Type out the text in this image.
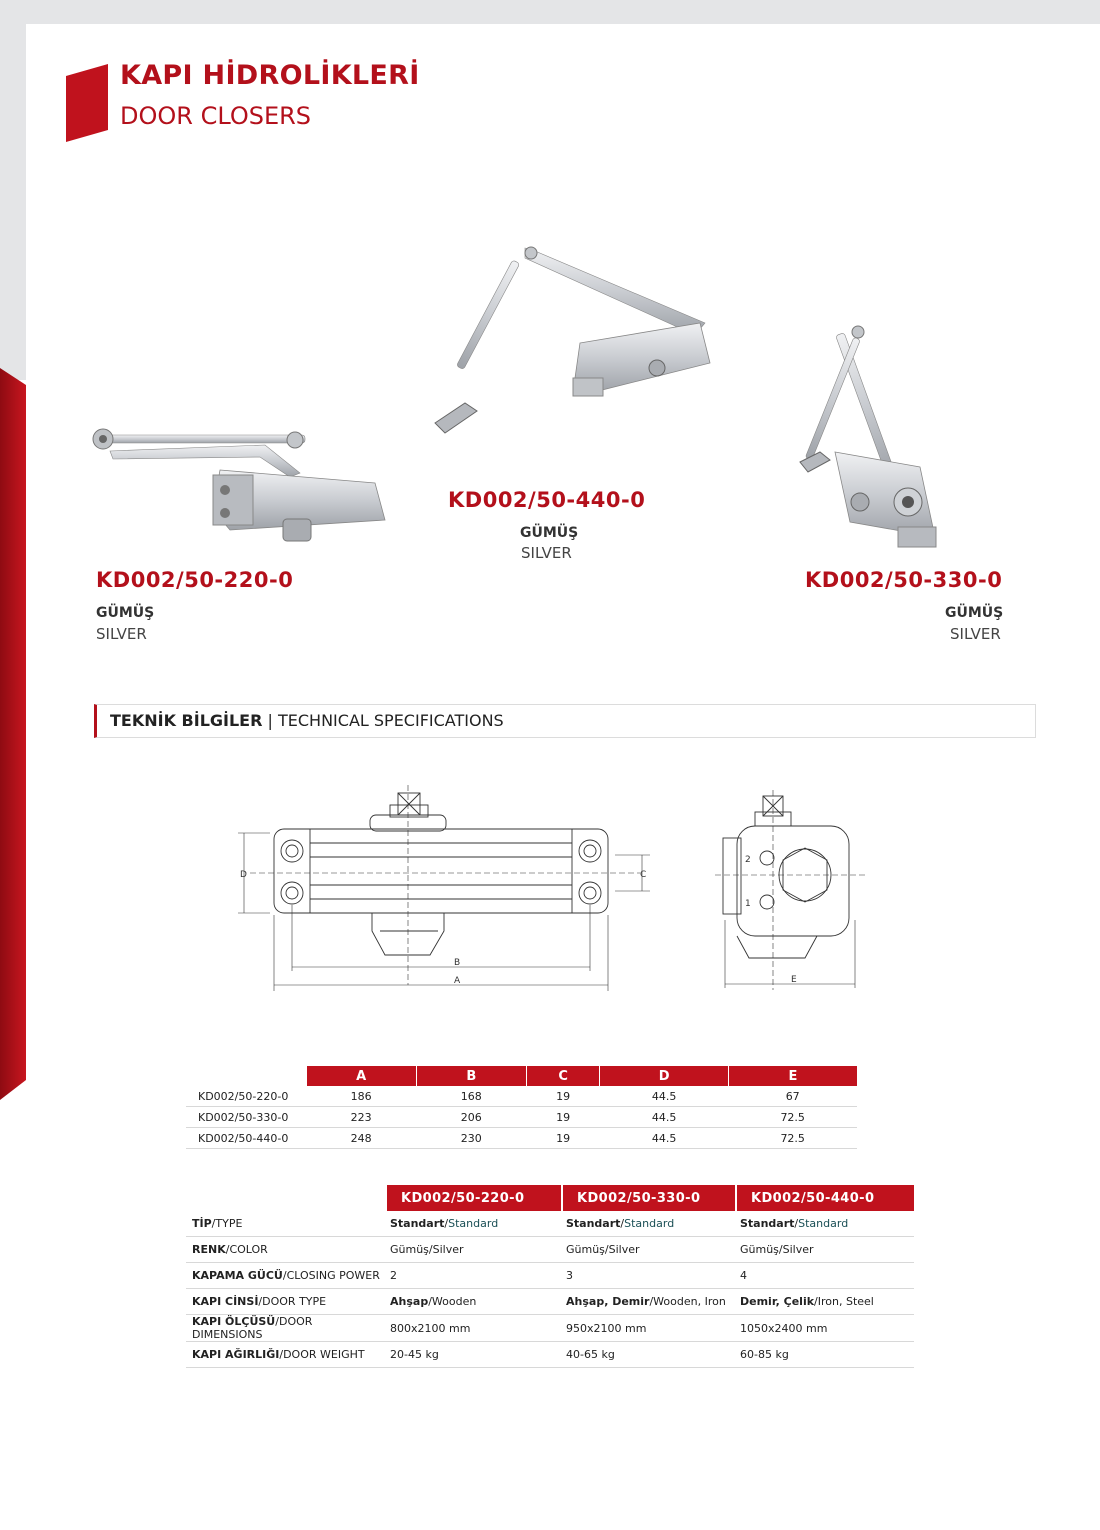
KAPI HİDROLİKLERİ
DOOR CLOSERS
KD002/50-220-0
GÜMÜŞ
SILVER
KD002/50-440-0
GÜMÜŞ
SILVER
KD002/50-330-0
GÜMÜŞ
SILVER
TEKNİK BİLGİLER | TECHNICAL SPECIFICATIONS
D	C
B
A
2
1
E
	A	B	C	D	E
KD002/50-220-0	186	168	19	44.5	67
KD002/50-330-0	223	206	19	44.5	72.5
KD002/50-440-0	248	230	19	44.5	72.5
	KD002/50-220-0	KD002/50-330-0	KD002/50-440-0
TİP/TYPE	Standart/Standard	Standart/Standard	Standart/Standard
RENK/COLOR	Gümüş/Silver	Gümüş/Silver	Gümüş/Silver
KAPAMA GÜCÜ/CLOSING POWER	2	3	4
KAPI CİNSİ/DOOR TYPE	Ahşap/Wooden	Ahşap, Demir/Wooden, Iron	Demir, Çelik/Iron, Steel
KAPI ÖLÇÜSÜ/DOOR DIMENSIONS	800x2100 mm	950x2100 mm	1050x2400 mm
KAPI AĞIRLIĞI/DOOR WEIGHT	20-45 kg	40-65 kg	60-85 kg
